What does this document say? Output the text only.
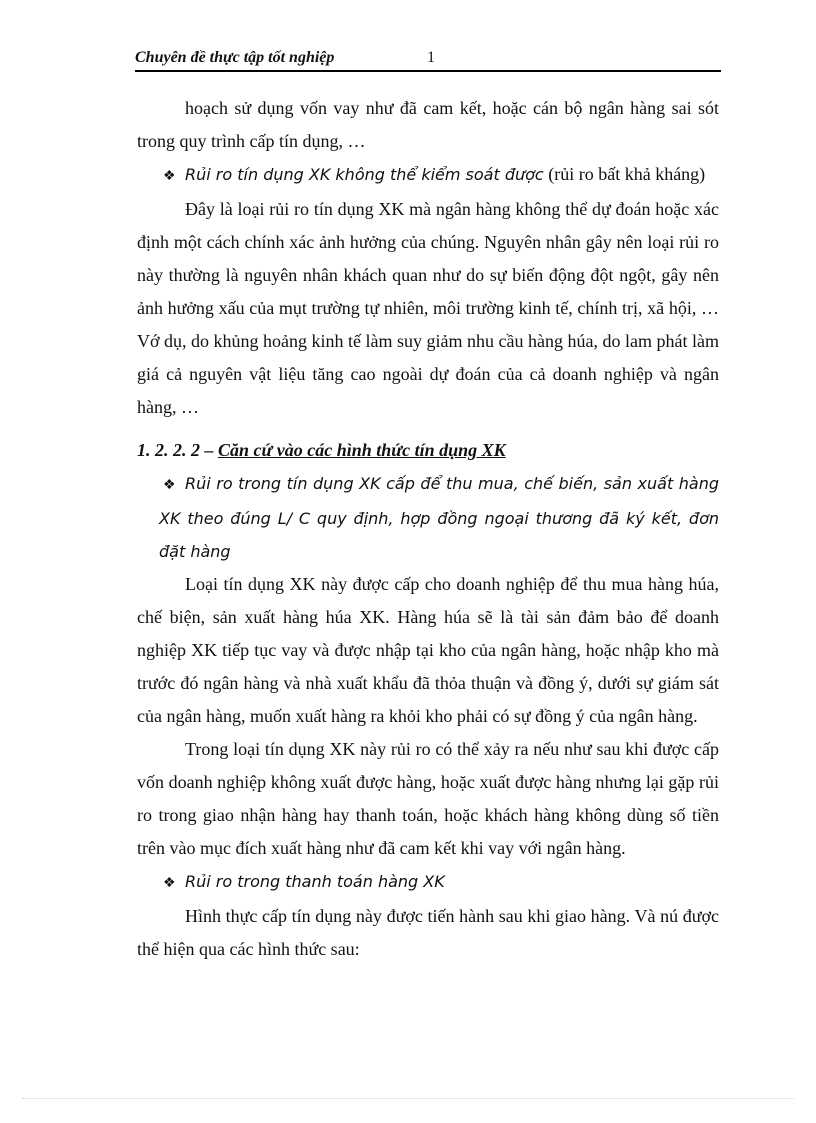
Chuyên đề thực tập tốt nghiệp	1

hoạch sử dụng vốn vay như đã cam kết, hoặc cán bộ ngân hàng sai sót trong quy trình cấp tín dụng, …

❖ Rủi ro tín dụng XK không thể kiểm soát được (rủi ro bất khả kháng)

Đây là loại rủi ro tín dụng XK mà ngân hàng không thể dự đoán hoặc xác định một cách chính xác ảnh hưởng của chúng. Nguyên nhân gây nên loại rủi ro này thường là nguyên nhân khách quan như do sự biến động đột ngột, gây nên ảnh hưởng xấu của mụt trường tự nhiên, môi trường kinh tế, chính trị, xã hội, …Vớ dụ, do khủng hoảng kinh tế làm suy giảm nhu cầu hàng húa, do lam phát làm giá cả nguyên vật liệu tăng cao ngoài dự đoán của cả doanh nghiệp và ngân hàng, …

1. 2. 2. 2 – Căn cứ vào các hình thức tín dụng XK

❖ Rủi ro trong tín dụng XK cấp để thu mua, chế biến, sản xuất hàng XK theo đúng L/ C quy định, hợp đồng ngoại thương đã ký kết, đơn đặt hàng

Loại tín dụng XK này được cấp cho doanh nghiệp để thu mua hàng húa, chế biện, sản xuất hàng húa XK. Hàng húa sẽ là tài sản đảm bảo để doanh nghiệp XK tiếp tục vay và được nhập tại kho của ngân hàng, hoặc nhập kho mà trước đó ngân hàng và nhà xuất khẩu đã thỏa thuận và đồng ý, dưới sự giám sát của ngân hàng, muốn xuất hàng ra khỏi kho phải có sự đồng ý của ngân hàng.

Trong loại tín dụng XK này rủi ro có thể xảy ra nếu như sau khi được cấp vốn doanh nghiệp không xuất được hàng, hoặc xuất được hàng nhưng lại gặp rủi ro trong giao nhận hàng hay thanh toán, hoặc khách hàng không dùng số tiền trên vào mục đích xuất hàng như đã cam kết khi vay với ngân hàng.

❖ Rủi ro trong thanh toán hàng XK

Hình thực cấp tín dụng này được tiến hành sau khi giao hàng. Và nú được thể hiện qua các hình thức sau:
